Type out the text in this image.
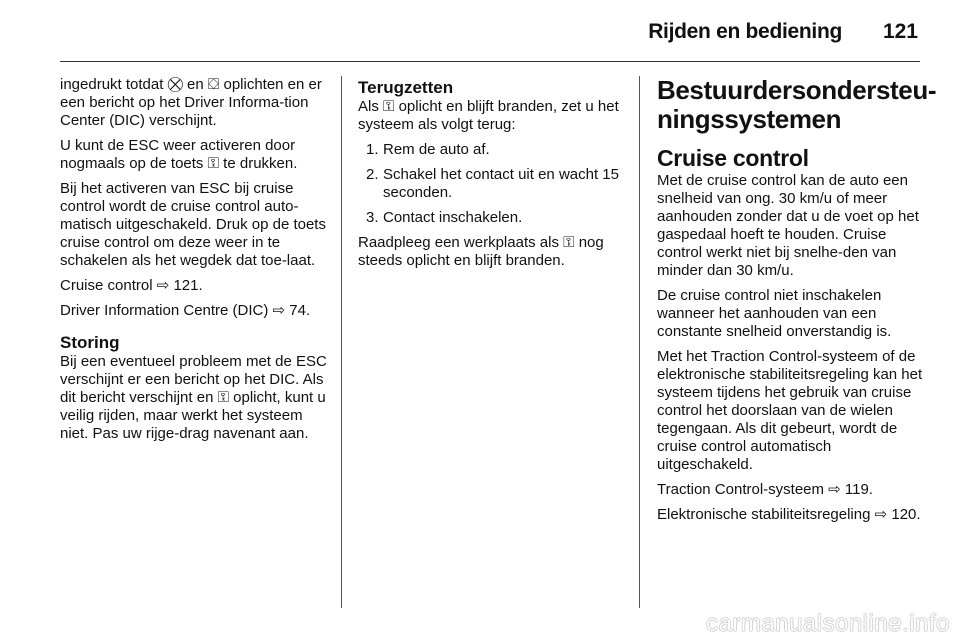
Rijden en bediening 121

ingedrukt totdat ⛒ en ⛋ oplichten en er een bericht op het Driver Informa-tion Center (DIC) verschijnt.

U kunt de ESC weer activeren door nogmaals op de toets ⚿ te drukken.

Bij het activeren van ESC bij cruise control wordt de cruise control auto-matisch uitgeschakeld. Druk op de toets cruise control om deze weer in te schakelen als het wegdek dat toe-laat.

Cruise control ⇨ 121.

Driver Information Centre (DIC) ⇨ 74.

Storing

Bij een eventueel probleem met de ESC verschijnt er een bericht op het DIC. Als dit bericht verschijnt en ⚿ oplicht, kunt u veilig rijden, maar werkt het systeem niet. Pas uw rijge-drag navenant aan.

Terugzetten

Als ⚿ oplicht en blijft branden, zet u het systeem als volgt terug:

1. Rem de auto af.
2. Schakel het contact uit en wacht 15 seconden.
3. Contact inschakelen.

Raadpleeg een werkplaats als ⚿ nog steeds oplicht en blijft branden.

Bestuurdersondersteu-ningssystemen
Cruise control

Met de cruise control kan de auto een snelheid van ong. 30 km/u of meer aanhouden zonder dat u de voet op het gaspedaal hoeft te houden. Cruise control werkt niet bij snelhe-den van minder dan 30 km/u.

De cruise control niet inschakelen wanneer het aanhouden van een constante snelheid onverstandig is.

Met het Traction Control-systeem of de elektronische stabiliteitsregeling kan het systeem tijdens het gebruik van cruise control het doorslaan van de wielen tegengaan. Als dit gebeurt, wordt de cruise control automatisch uitgeschakeld.

Traction Control-systeem ⇨ 119.

Elektronische stabiliteitsregeling ⇨ 120.

carmanualsonline.info
